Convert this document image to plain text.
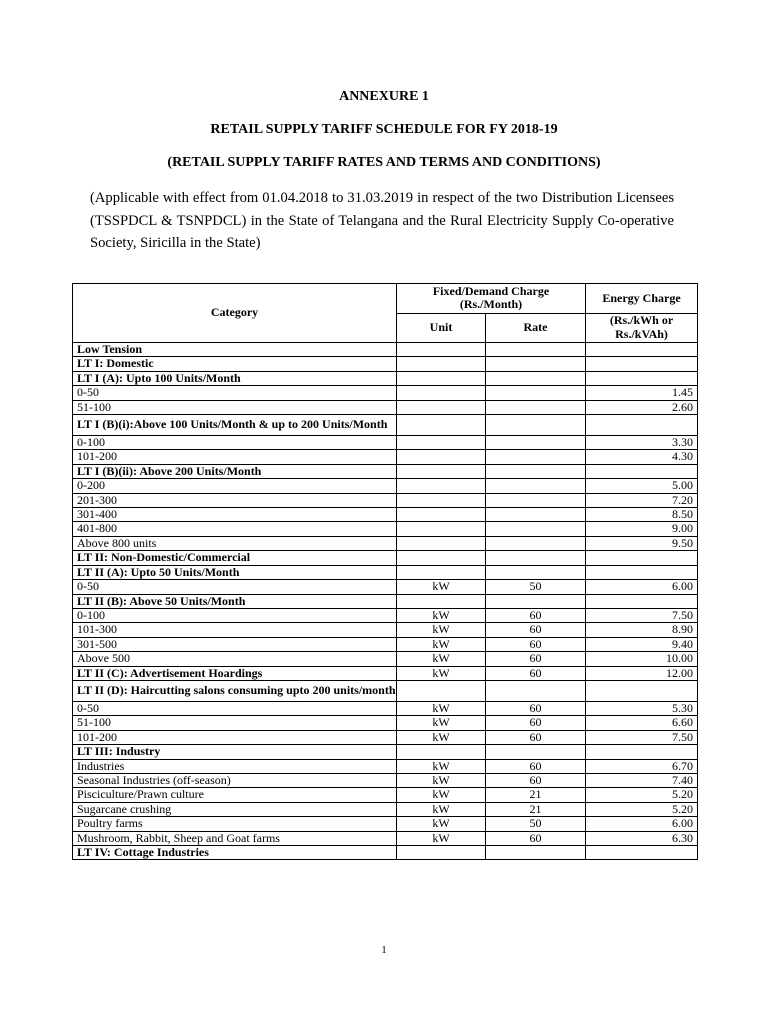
ANNEXURE 1

RETAIL SUPPLY TARIFF SCHEDULE FOR FY 2018-19

(RETAIL SUPPLY TARIFF RATES AND TERMS AND CONDITIONS)

(Applicable with effect from 01.04.2018 to 31.03.2019 in respect of the two Distribution Licensees (TSSPDCL & TSNPDCL) in the State of Telangana and the Rural Electricity Supply Co-operative Society, Siricilla in the State)

Category	Fixed/Demand Charge (Rs./Month)		Energy Charge
	Unit	Rate	(Rs./kWh or Rs./kVAh)
Low Tension			
LT I: Domestic			
LT I (A): Upto 100 Units/Month			
0-50			1.45
51-100			2.60
LT I (B)(i):Above 100 Units/Month & up to 200 Units/Month			
0-100			3.30
101-200			4.30
LT I (B)(ii): Above 200 Units/Month			
0-200			5.00
201-300			7.20
301-400			8.50
401-800			9.00
Above 800 units			9.50
LT II: Non-Domestic/Commercial			
LT II (A): Upto 50 Units/Month			
0-50	kW	50	6.00
LT II (B): Above 50 Units/Month			
0-100	kW	60	7.50
101-300	kW	60	8.90
301-500	kW	60	9.40
Above 500	kW	60	10.00
LT II (C): Advertisement Hoardings	kW	60	12.00
LT II (D): Haircutting salons consuming upto 200 units/month			
0-50	kW	60	5.30
51-100	kW	60	6.60
101-200	kW	60	7.50
LT III: Industry			
Industries	kW	60	6.70
Seasonal Industries (off-season)	kW	60	7.40
Pisciculture/Prawn culture	kW	21	5.20
Sugarcane crushing	kW	21	5.20
Poultry farms	kW	50	6.00
Mushroom, Rabbit, Sheep and Goat farms	kW	60	6.30
LT IV: Cottage Industries			
1
